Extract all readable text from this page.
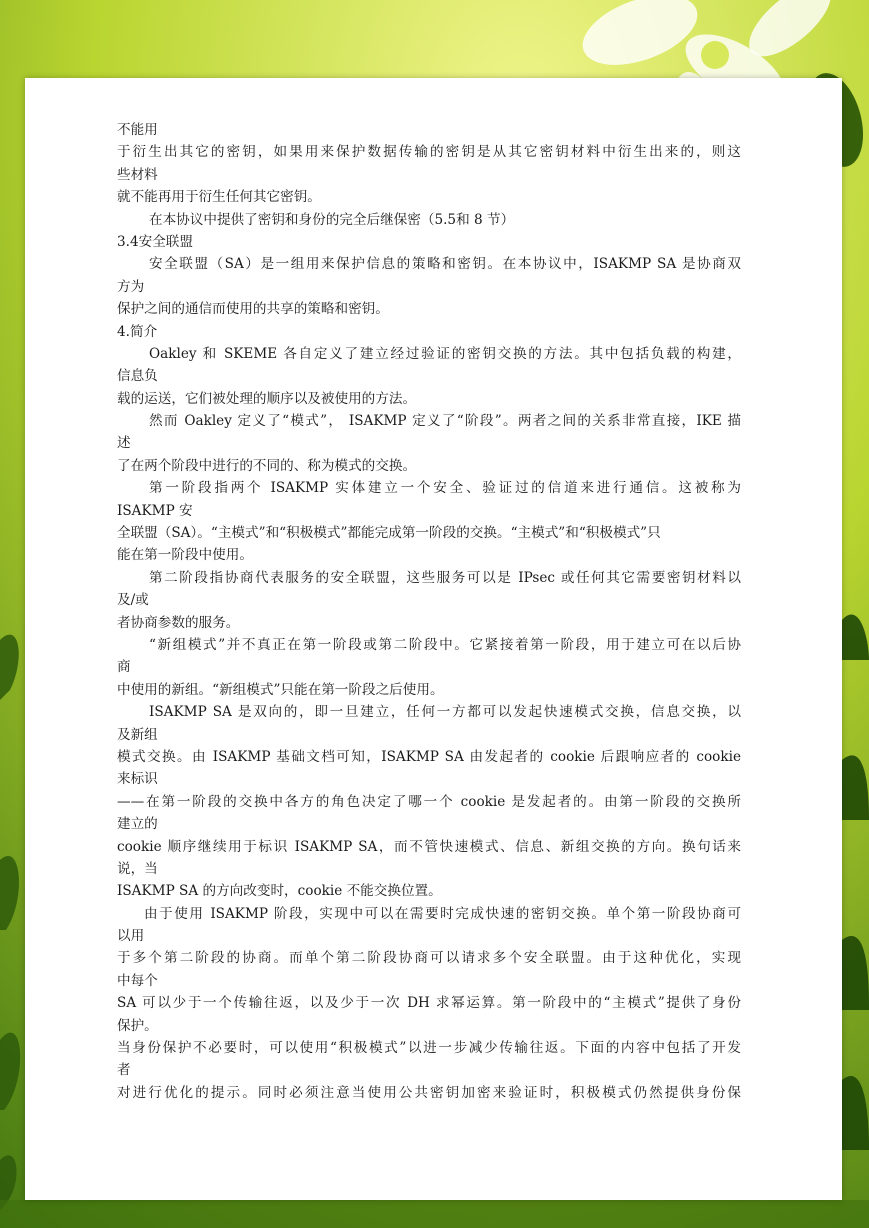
不能用
于衍生出其它的密钥，如果用来保护数据传输的密钥是从其它密钥材料中衍生出来的，则这
些材料
就不能再用于衍生任何其它密钥。
在本协议中提供了密钥和身份的完全后继保密（5.5和 8 节）
3.4安全联盟
安全联盟（SA）是一组用来保护信息的策略和密钥。在本协议中，ISAKMP SA 是协商双
方为
保护之间的通信而使用的共享的策略和密钥。
4.简介
Oakley 和 SKEME 各自定义了建立经过验证的密钥交换的方法。其中包括负载的构建，
信息负
载的运送，它们被处理的顺序以及被使用的方法。
然而 Oakley 定义了“模式”， ISAKMP 定义了“阶段”。两者之间的关系非常直接，IKE 描
述
了在两个阶段中进行的不同的、称为模式的交换。
第一阶段指两个 ISAKMP 实体建立一个安全、验证过的信道来进行通信。这被称为
ISAKMP 安
全联盟（SA）。“主模式”和“积极模式”都能完成第一阶段的交换。“主模式”和“积极模式”只
能在第一阶段中使用。
第二阶段指协商代表服务的安全联盟，这些服务可以是 IPsec 或任何其它需要密钥材料以
及/或
者协商参数的服务。
“新组模式”并不真正在第一阶段或第二阶段中。它紧接着第一阶段，用于建立可在以后协
商
中使用的新组。“新组模式”只能在第一阶段之后使用。
ISAKMP SA 是双向的，即一旦建立，任何一方都可以发起快速模式交换，信息交换，以
及新组
模式交换。由 ISAKMP 基础文档可知，ISAKMP SA 由发起者的 cookie 后跟响应者的 cookie
来标识
——在第一阶段的交换中各方的角色决定了哪一个 cookie 是发起者的。由第一阶段的交换所
建立的
cookie 顺序继续用于标识 ISAKMP SA，而不管快速模式、信息、新组交换的方向。换句话来
说，当
ISAKMP SA 的方向改变时，cookie 不能交换位置。
由于使用 ISAKMP 阶段，实现中可以在需要时完成快速的密钥交换。单个第一阶段协商可
以用
于多个第二阶段的协商。而单个第二阶段协商可以请求多个安全联盟。由于这种优化，实现
中每个
SA 可以少于一个传输往返，以及少于一次 DH 求幂运算。第一阶段中的“主模式”提供了身份
保护。
当身份保护不必要时，可以使用“积极模式”以进一步减少传输往返。下面的内容中包括了开发
者
对进行优化的提示。同时必须注意当使用公共密钥加密来验证时，积极模式仍然提供身份保
